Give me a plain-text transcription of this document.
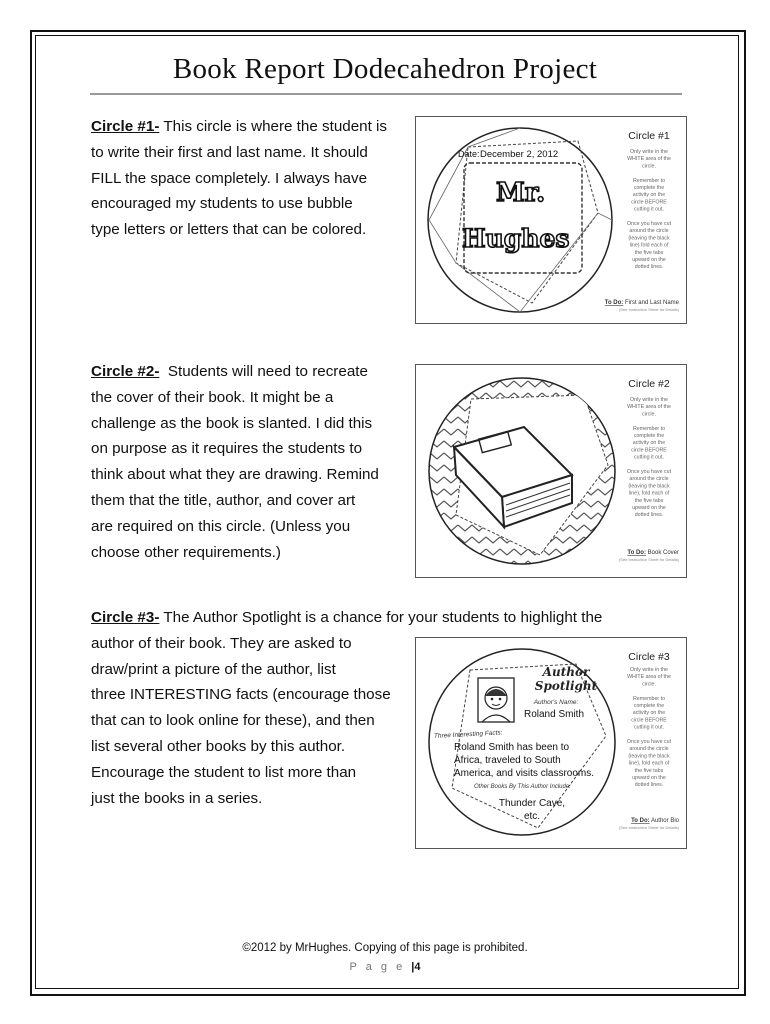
Book Report Dodecahedron Project
Circle #1- This circle is where the student is
to write their first and last name. It should
FILL the space completely. I always have
encouraged my students to use bubble
type letters or letters that can be colored.
Circle #2- Students will need to recreate
the cover of their book. It might be a
challenge as the book is slanted. I did this
on purpose as it requires the students to
think about what they are drawing. Remind
them that the title, author, and cover art
are required on this circle. (Unless you
choose other requirements.)
Circle #3- The Author Spotlight is a chance for your students to highlight the
author of their book. They are asked to
draw/print a picture of the author, list
three INTERESTING facts (encourage those
that can to look online for these), and then
list several other books by this author.
Encourage the student to list more than
just the books in a series.
Date: December 2, 2012
Mr.
Hughes
Circle #1
Only write in the
WHITE area of the
circle.
Remember to
complete the
activity on the
circle BEFORE
cutting it out.
Once you have cut
around the circle
(leaving the black
line) fold each of
the five tabs
upward on the
dotted lines.
To Do: First and Last Name
(See Instruction Sheet for Details)
Circle #2
Only write in the
WHITE area of the
circle.
Remember to
complete the
activity on the
circle BEFORE
cutting it out.
Once you have cut
around the circle
(leaving the black
line), fold each of
the five tabs
upward on the
dotted lines.
To Do: Book Cover
(See Instruction Sheet for Details)
Author
Spotlight
Author's Name:
Roland Smith
Three Interesting Facts:
Roland Smith has been to
Africa, traveled to South
America, and visits classrooms.
Other Books By This Author Include:
Thunder Cave,
etc.
Circle #3
Only write in the
WHITE area of the
circle.
Remember to
complete the
activity on the
circle BEFORE
cutting it out.
Once you have cut
around the circle
(leaving the black
line), fold each of
the five tabs
upward on the
dotted lines.
To Do: Author Bio
(See Instruction Sheet for Details)
©2012 by MrHughes. Copying of this page is prohibited.
P a g e |4
